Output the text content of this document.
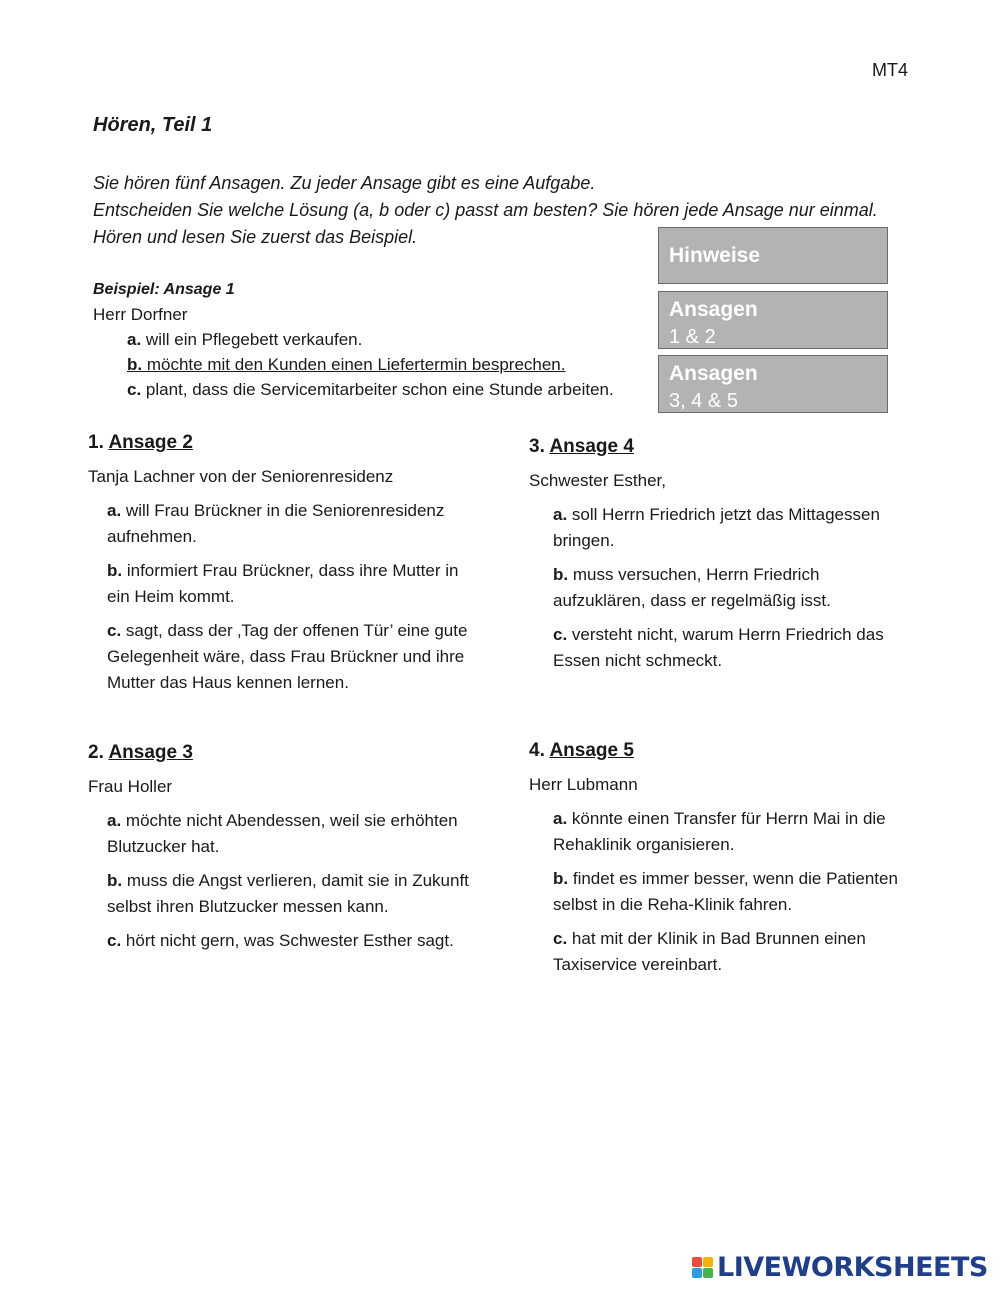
MT4
Hören, Teil 1
Sie hören fünf Ansagen. Zu jeder Ansage gibt es eine Aufgabe.
Entscheiden Sie welche Lösung (a, b oder c) passt am besten? Sie hören jede Ansage nur einmal.
Hören und lesen Sie zuerst das Beispiel.
Beispiel: Ansage 1
Herr Dorfner
a. will ein Pflegebett verkaufen.
b. möchte mit den Kunden einen Liefertermin besprechen.
c. plant, dass die Servicemitarbeiter schon eine Stunde arbeiten.
Hinweise
Ansagen
1 & 2
Ansagen
3, 4 & 5
1. Ansage 2
Tanja Lachner von der Seniorenresidenz
a. will Frau Brückner in die Seniorenresidenz aufnehmen.
b. informiert Frau Brückner, dass ihre Mutter in ein Heim kommt.
c. sagt, dass der ‚Tag der offenen Tür’ eine gute Gelegenheit wäre, dass Frau Brückner und ihre Mutter das Haus kennen lernen.
2. Ansage 3
Frau Holler
a. möchte nicht Abendessen, weil sie erhöhten Blutzucker hat.
b. muss die Angst verlieren, damit sie in Zukunft selbst ihren Blutzucker messen kann.
c. hört nicht gern, was Schwester Esther sagt.
3. Ansage 4
Schwester Esther,
a. soll Herrn Friedrich jetzt das Mittagessen bringen.
b. muss versuchen, Herrn Friedrich aufzuklären, dass er regelmäßig isst.
c. versteht nicht, warum Herrn Friedrich das Essen nicht schmeckt.
4. Ansage 5
Herr Lubmann
a. könnte einen Transfer für Herrn Mai in die Rehaklinik organisieren.
b. findet es immer besser, wenn die Patienten selbst in die Reha-Klinik fahren.
c. hat mit der Klinik in Bad Brunnen einen Taxiservice vereinbart.
LIVEWORKSHEETS
